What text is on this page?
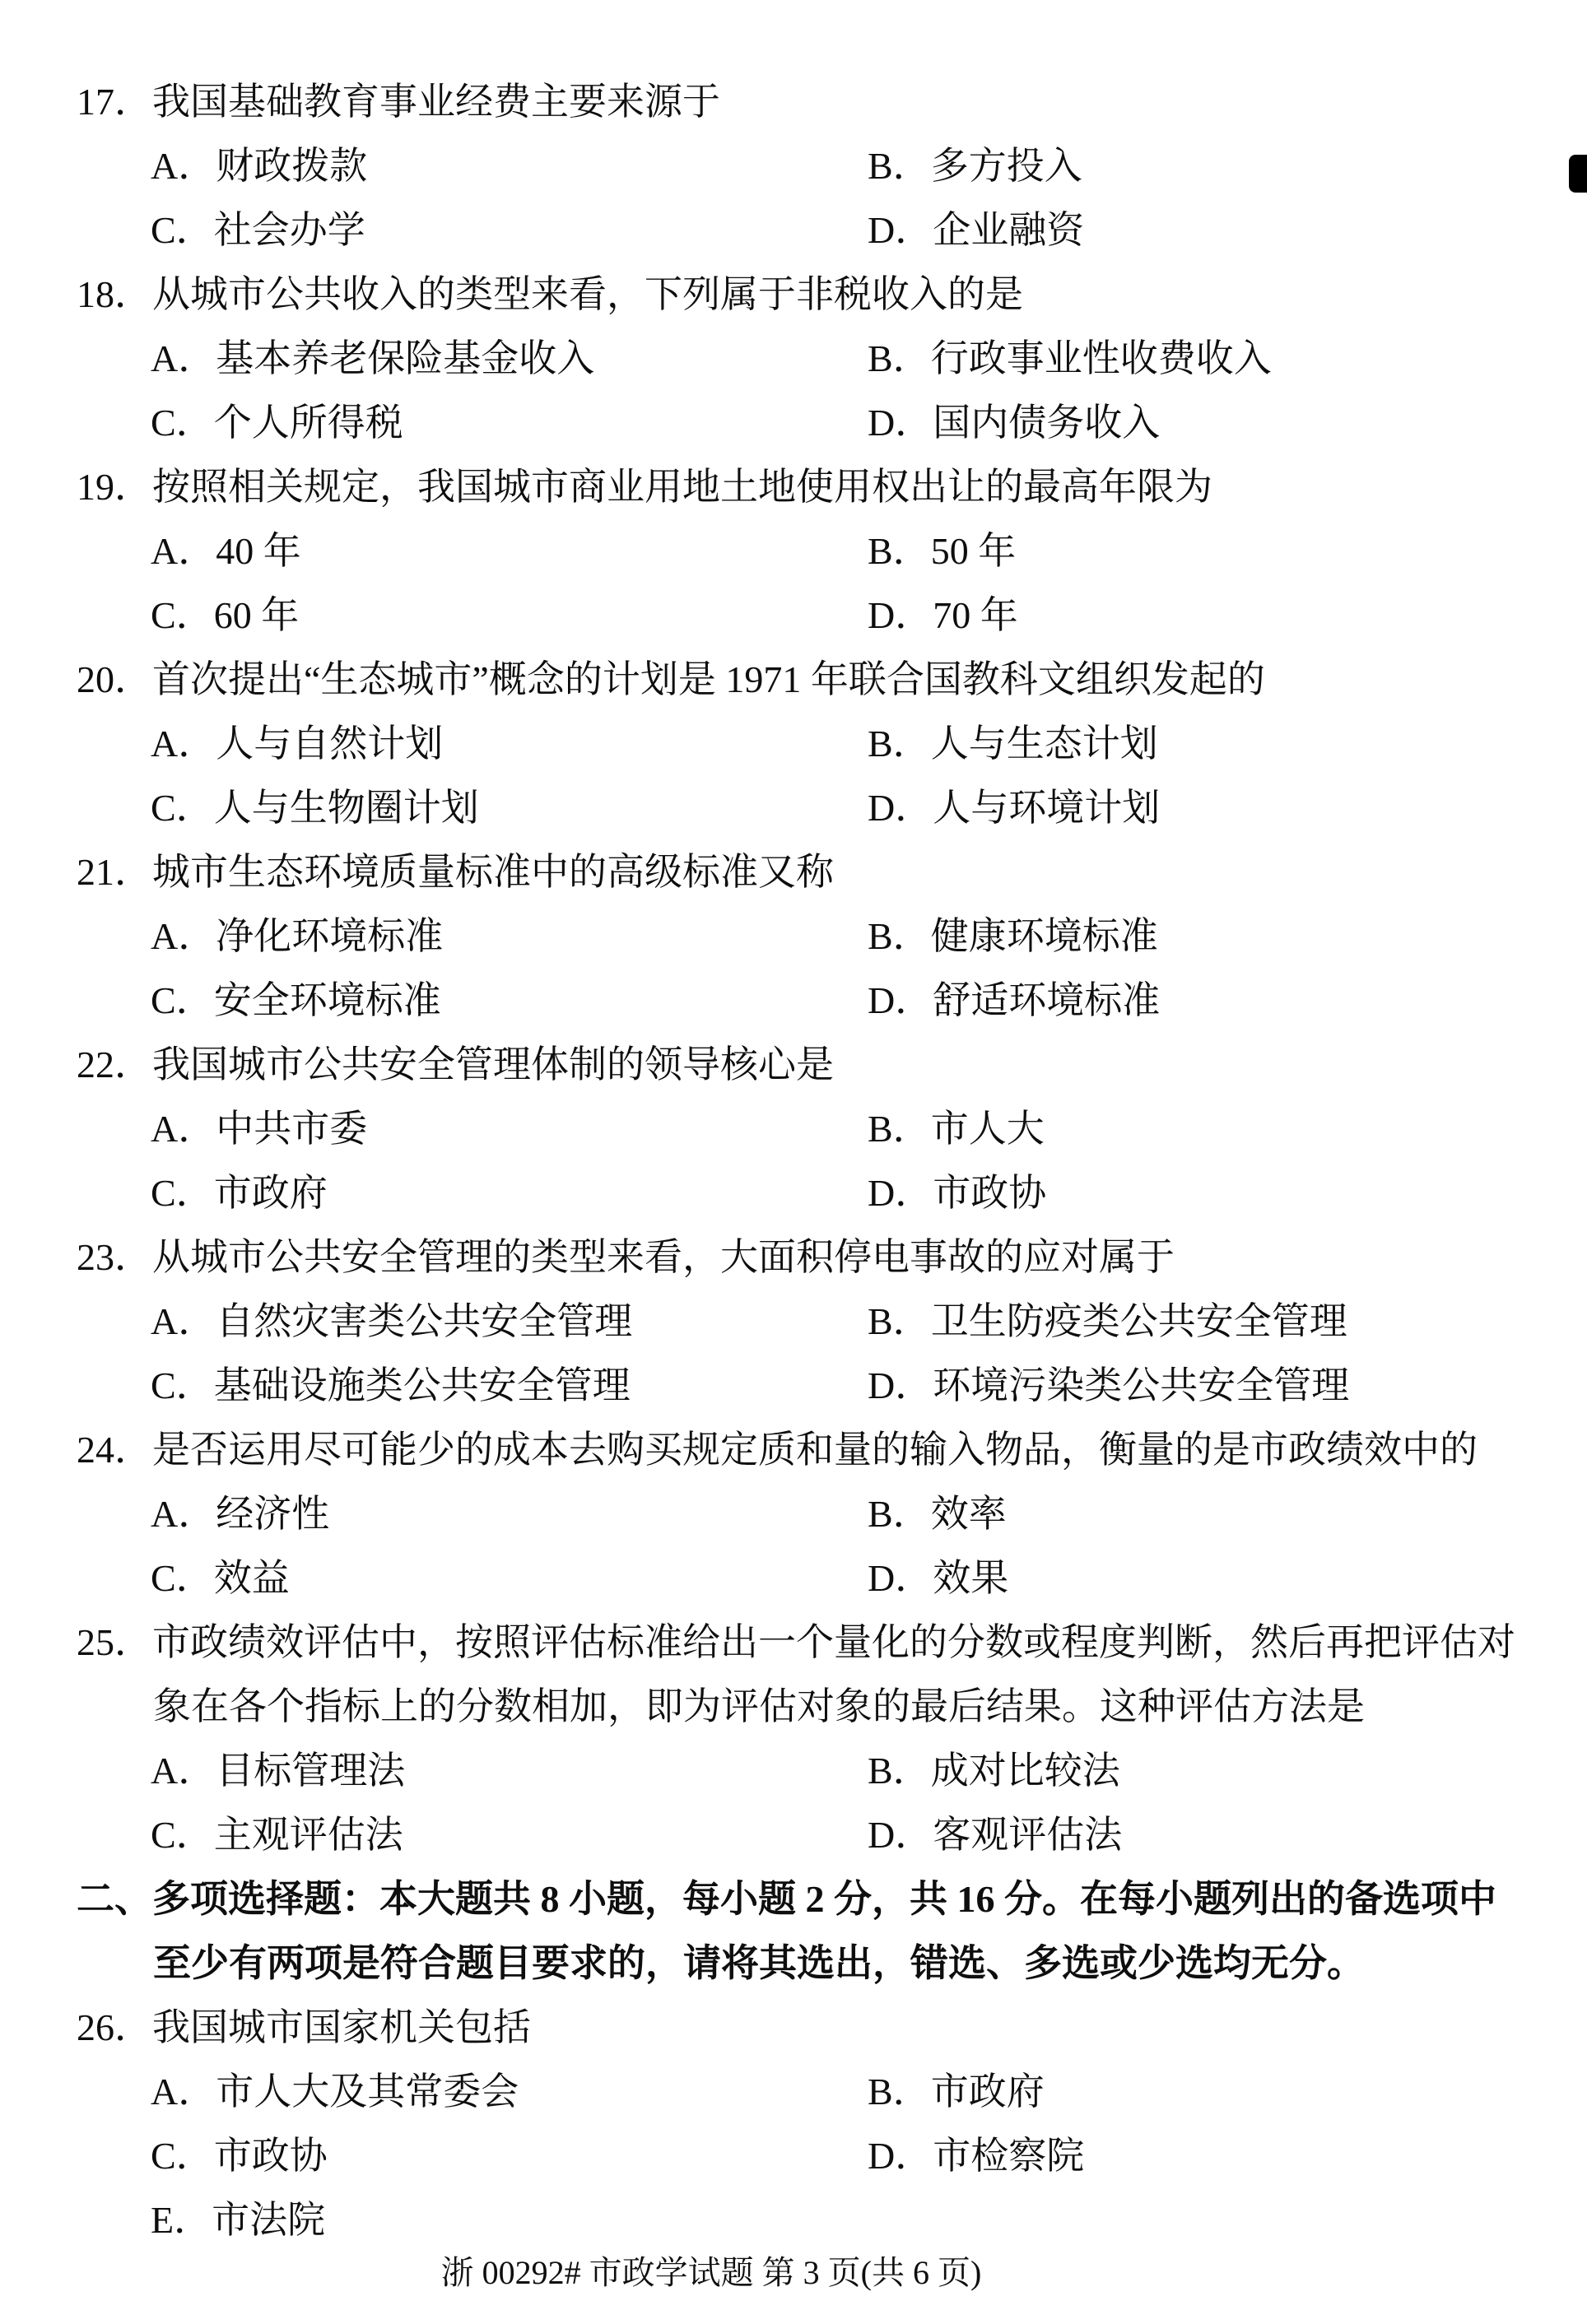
17．我国基础教育事业经费主要来源于
A．财政拨款	B．多方投入
C．社会办学	D．企业融资
18．从城市公共收入的类型来看，下列属于非税收入的是
A．基本养老保险基金收入	B．行政事业性收费收入
C．个人所得税	D．国内债务收入
19．按照相关规定，我国城市商业用地土地使用权出让的最高年限为
A．40 年	B．50 年
C．60 年	D．70 年
20．首次提出“生态城市”概念的计划是 1971 年联合国教科文组织发起的
A．人与自然计划	B．人与生态计划
C．人与生物圈计划	D．人与环境计划
21．城市生态环境质量标准中的高级标准又称
A．净化环境标准	B．健康环境标准
C．安全环境标准	D．舒适环境标准
22．我国城市公共安全管理体制的领导核心是
A．中共市委	B．市人大
C．市政府	D．市政协
23．从城市公共安全管理的类型来看，大面积停电事故的应对属于
A．自然灾害类公共安全管理	B．卫生防疫类公共安全管理
C．基础设施类公共安全管理	D．环境污染类公共安全管理
24．是否运用尽可能少的成本去购买规定质和量的输入物品，衡量的是市政绩效中的
A．经济性	B．效率
C．效益	D．效果
25．市政绩效评估中，按照评估标准给出一个量化的分数或程度判断，然后再把评估对
象在各个指标上的分数相加，即为评估对象的最后结果。这种评估方法是
A．目标管理法	B．成对比较法
C．主观评估法	D．客观评估法
二、多项选择题：本大题共 8 小题，每小题 2 分，共 16 分。在每小题列出的备选项中
至少有两项是符合题目要求的，请将其选出，错选、多选或少选均无分。
26．我国城市国家机关包括
A．市人大及其常委会	B．市政府
C．市政协	D．市检察院
E．市法院
浙 00292# 市政学试题 第 3 页(共 6 页)
